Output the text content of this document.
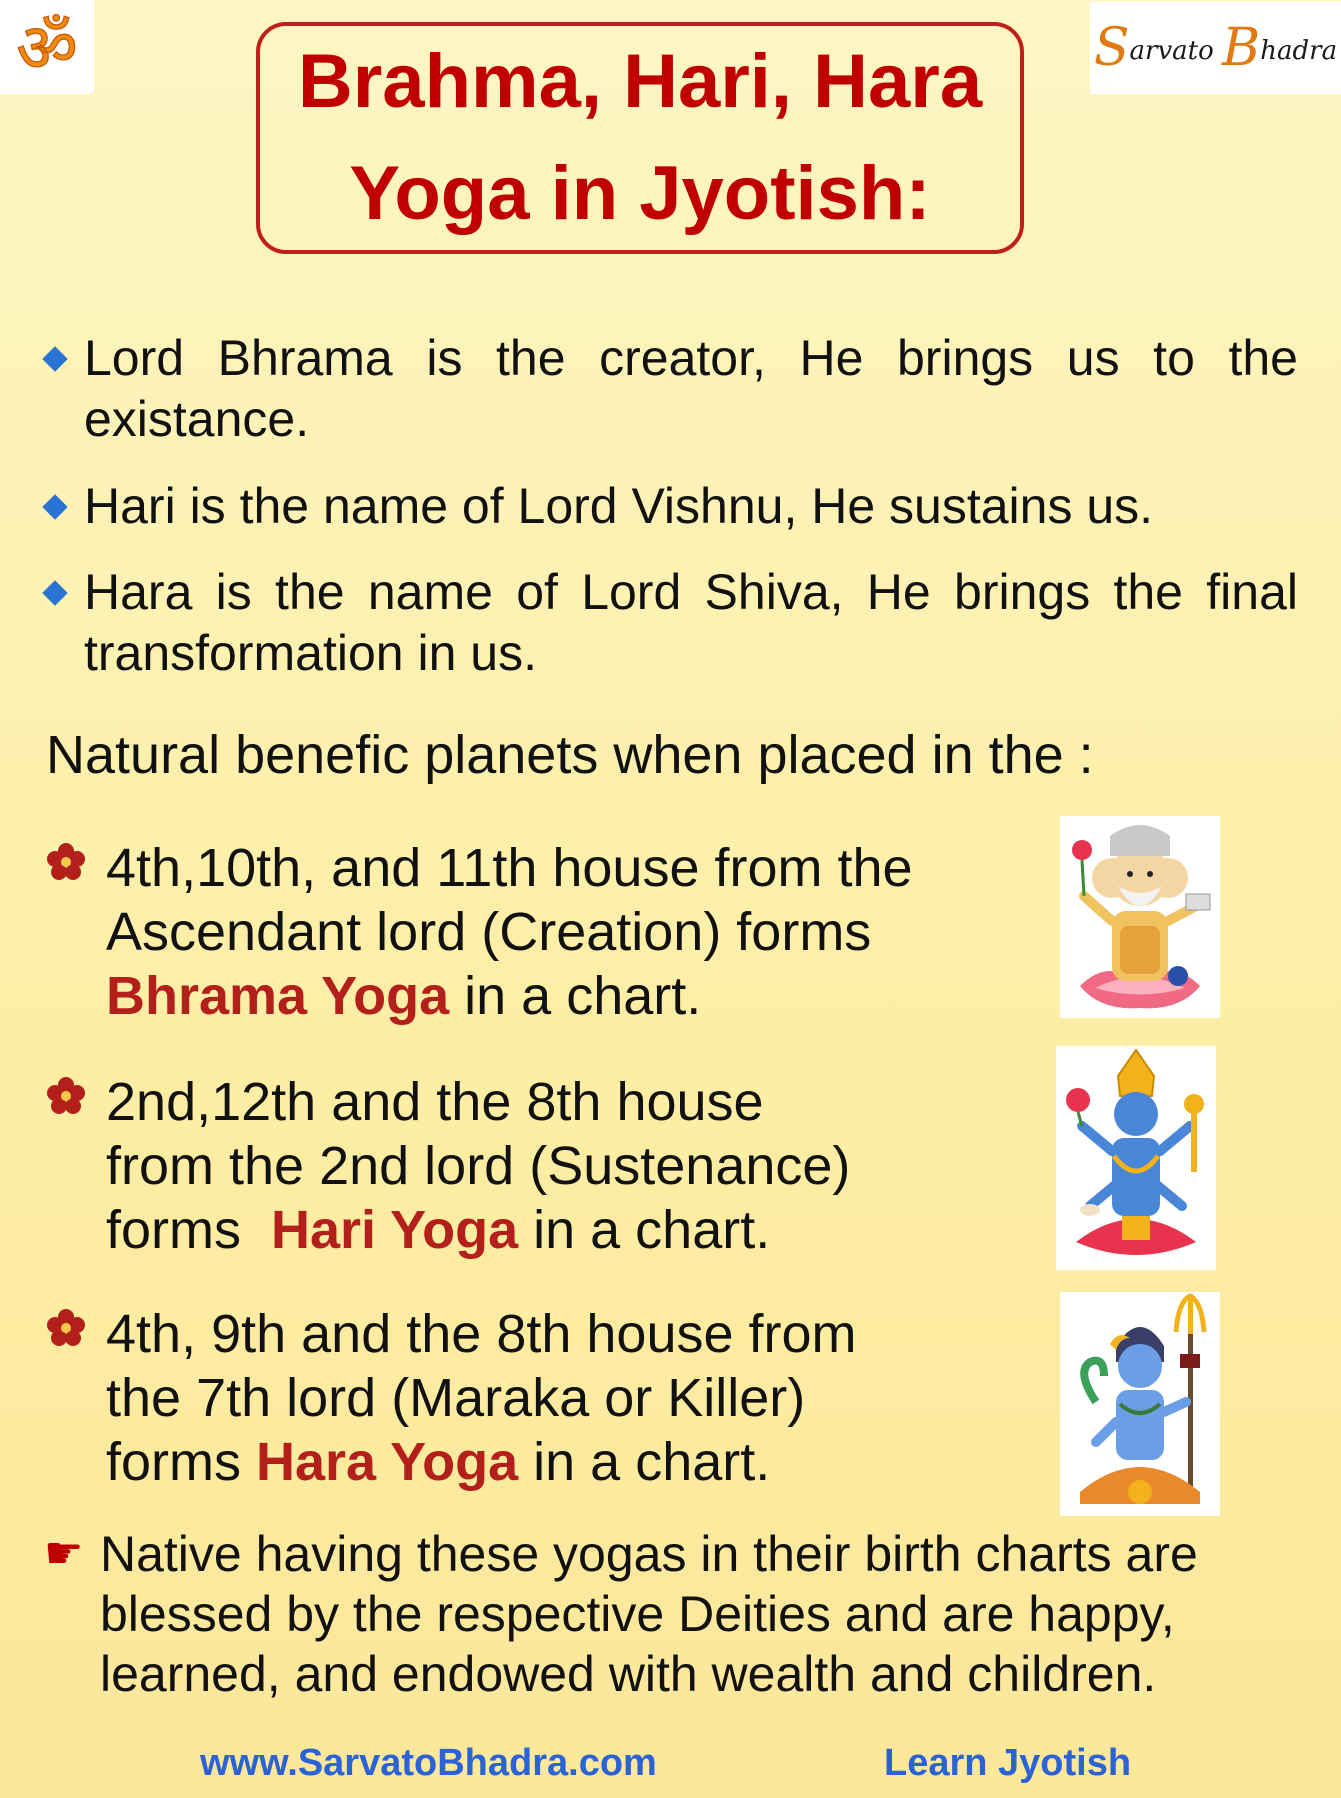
ॐ	Sarvato Bhadra
Brahma, Hari, Hara
Yoga in Jyotish:
Lord Bhrama is the creator, He brings us to the existance.
Hari is the name of Lord Vishnu, He sustains us.
Hara is the name of Lord Shiva, He brings the final transformation in us.
Natural benefic planets when placed in the :
4th,10th, and 11th house from the
Ascendant lord (Creation) forms
Bhrama Yoga in a chart.
2nd,12th and the 8th house
from the 2nd lord (Sustenance)
forms  Hari Yoga in a chart.
4th, 9th and the 8th house from
the 7th lord (Maraka or Killer)
forms Hara Yoga in a chart.
☛ Native having these yogas in their birth charts are blessed by the respective Deities and are happy, learned, and endowed with wealth and children.
www.SarvatoBhadra.com	Learn Jyotish
